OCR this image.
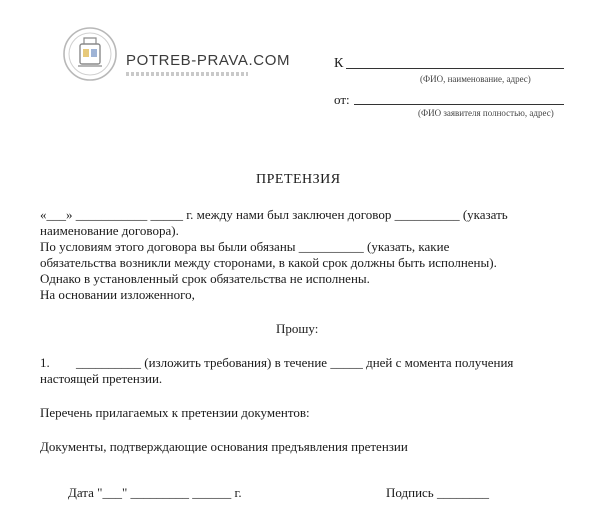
POTREB-PRAVA.COM	К
(ФИО, наименование, адрес)
от:
(ФИО заявителя полностью, адрес)
ПРЕТЕНЗИЯ
«___» ___________ _____ г. между нами был заключен договор __________ (указать
наименование договора).
По условиям этого договора вы были обязаны __________ (указать, какие
обязательства возникли между сторонами, в какой срок должны быть исполнены).
Однако в установленный срок обязательства не исполнены.
На основании изложенного,
Прошу:
1. __________ (изложить требования) в течение _____ дней с момента получения
настоящей претензии.
Перечень прилагаемых к претензии документов:
Документы, подтверждающие основания предъявления претензии
Дата "___" _________ ______ г.	Подпись ________
